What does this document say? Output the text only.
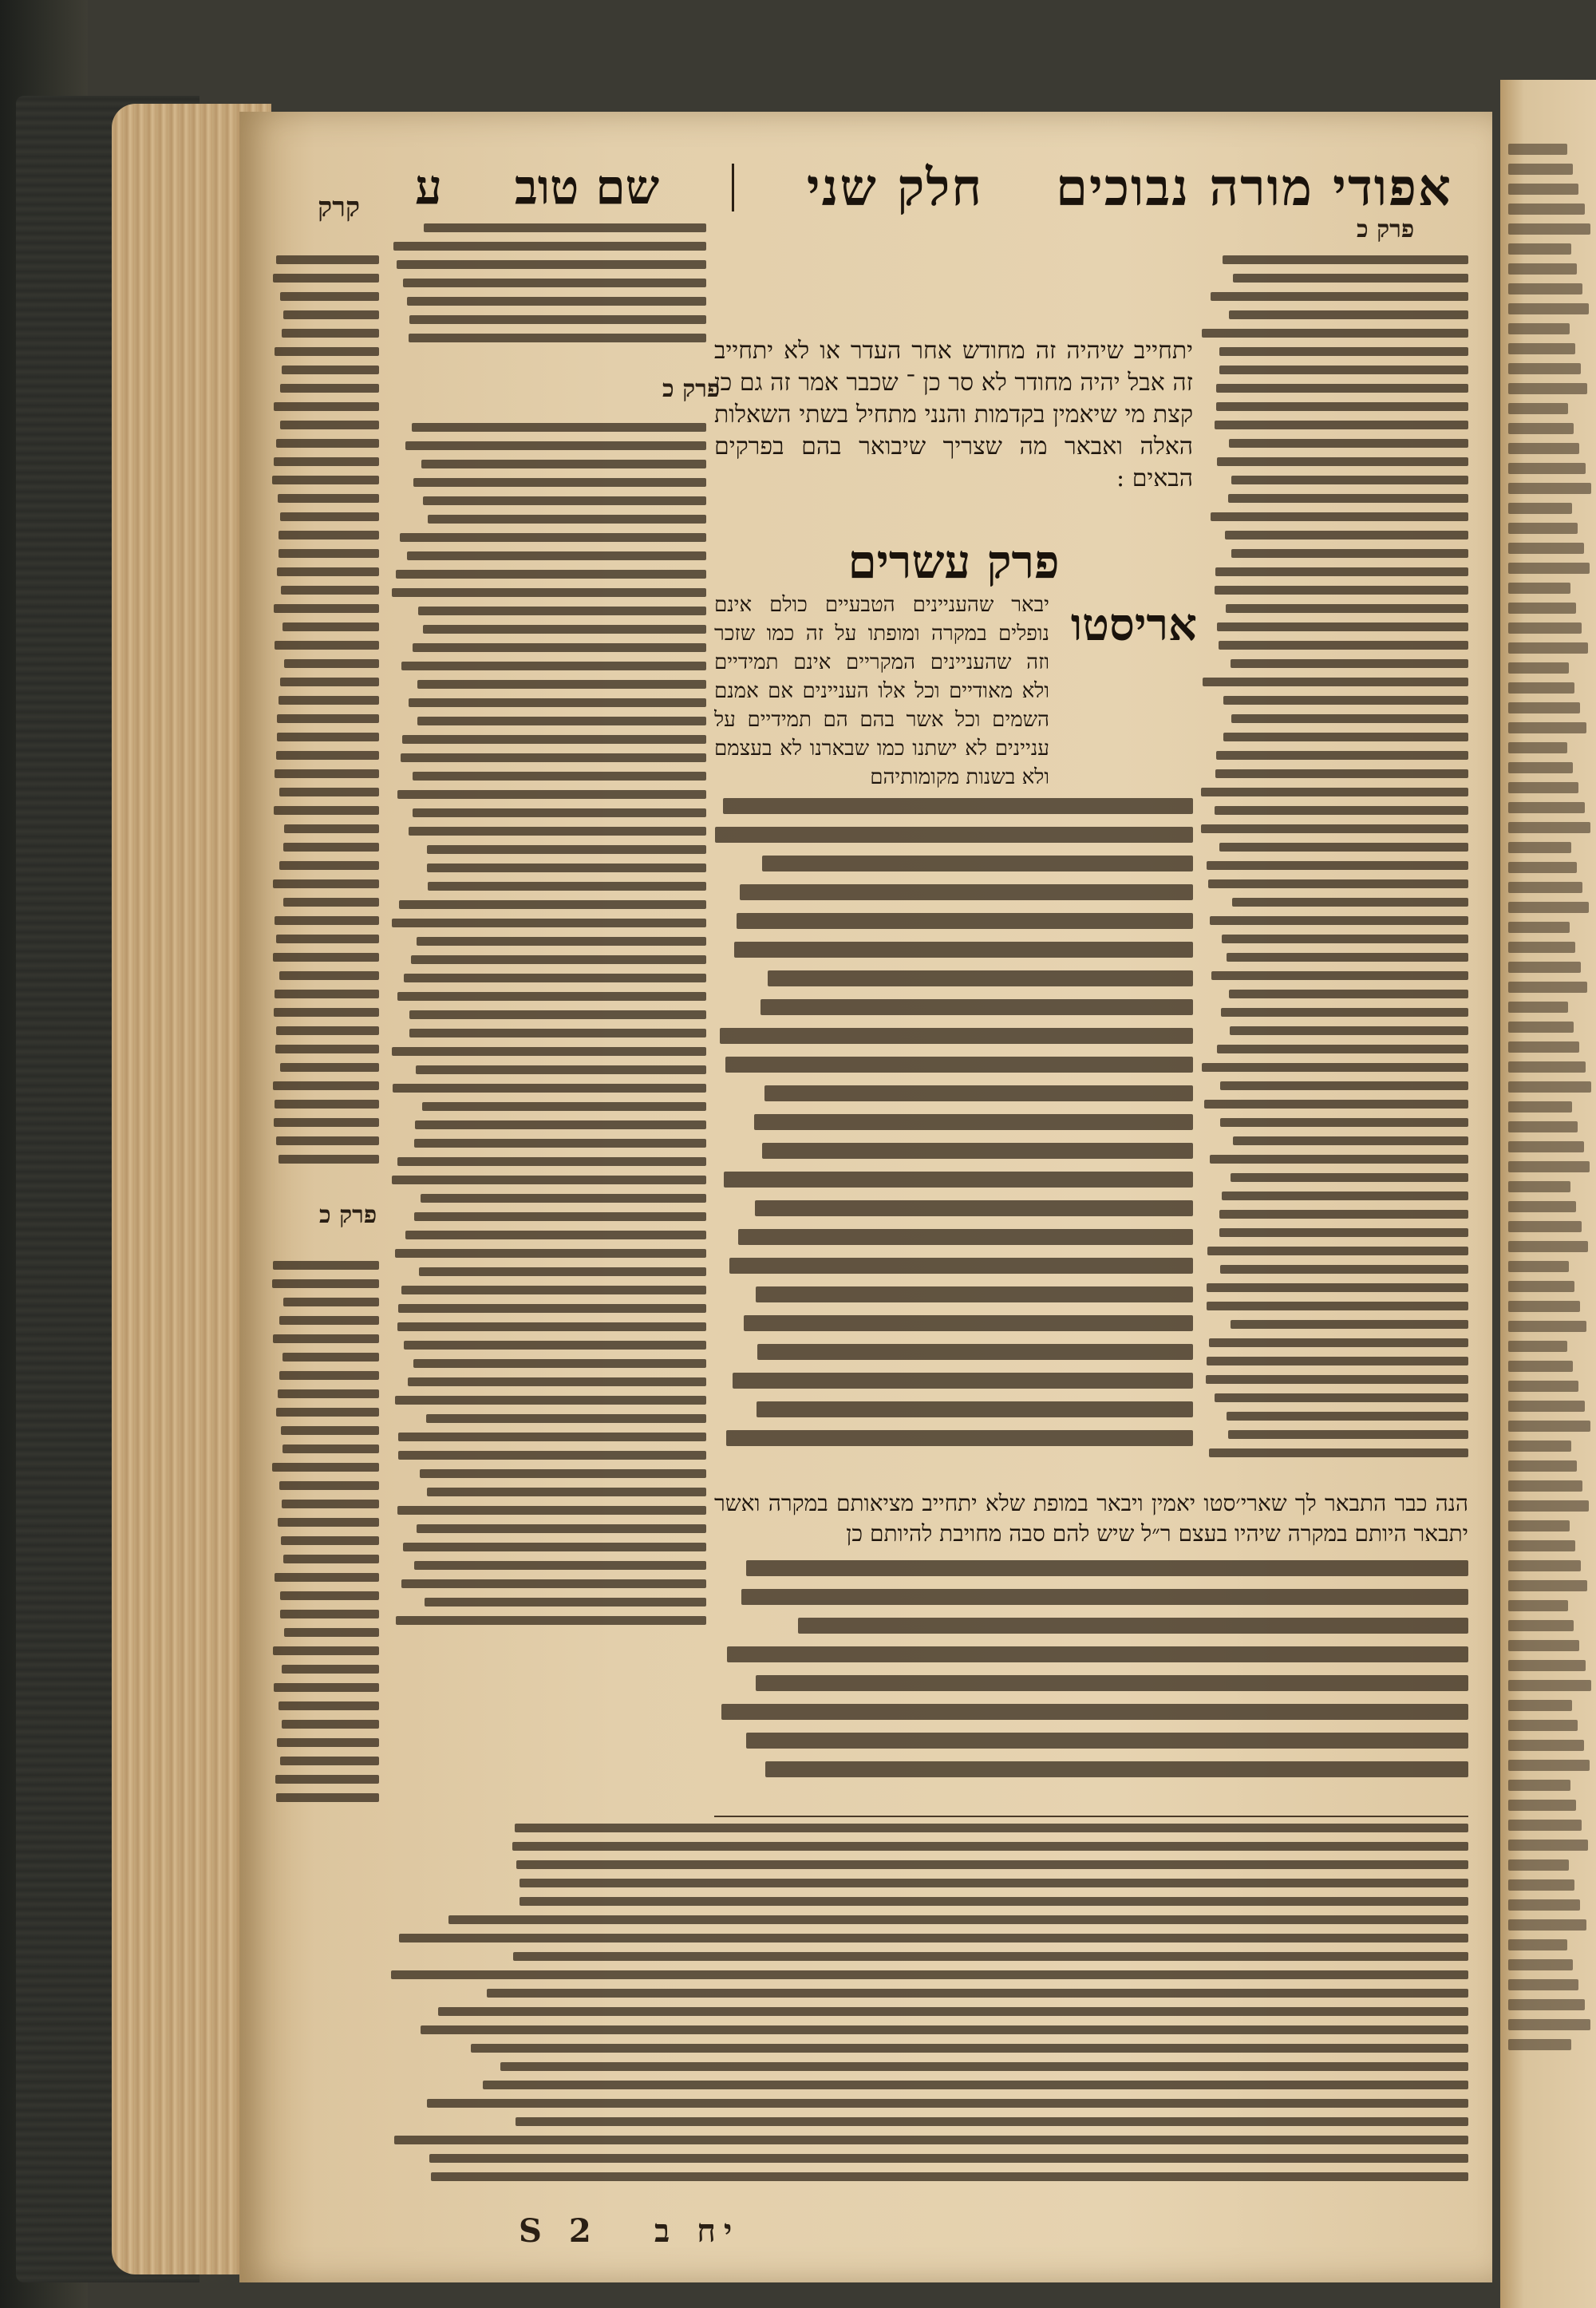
ע שם טוב	חלק שני אפודי מורה נבוכים
קרק
פרק כ
פרק כ
יתחייב שיהיה זה מחודש אחר העדר או לא יתחייב זה אבל יהיה מחודר לא סר כן ־ שכבר אמר זה גם כן קצת מי שיאמין בקדמות והנני מתחיל בשתי השאלות האלה ואבאר מה שצריך שיבואר בהם בפרקים הבאים :
פרק עשרים
אריסטו
יבאר שהעניינים הטבעיים כולם אינם נופלים במקרה ומופתו על זה כמו שזכר וזה שהעניינים המקריים אינם תמידיים ולא מאודיים וכל אלו העניינים אם אמנם השמים וכל אשר בהם הם תמידיים על עניינים לא ישתנו כמו שבארנו לא בעצמם ולא בשנות מקומותיהם
פרק כ
הנה כבר התבאר לך שארי׳סטו יאמין ויבאר במופת שלא יתחייב מציאותם במקרה ואשר יתבאר היותם במקרה שיהיו בעצם ר״ל שיש להם סבה מחויבת להיותם כן
S 2 יח ב
